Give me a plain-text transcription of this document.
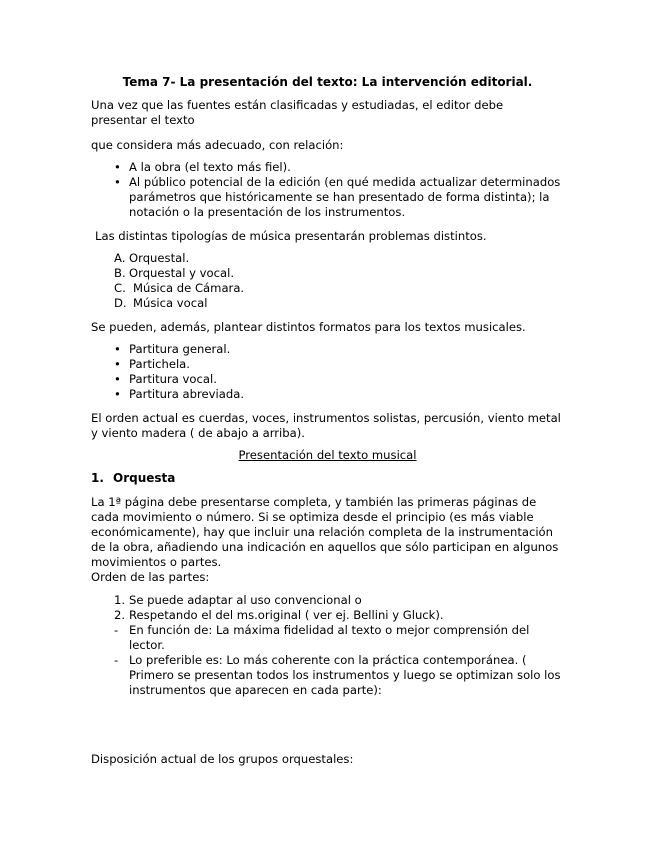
Tema 7- La presentación del texto: La intervención editorial.

Una vez que las fuentes están clasificadas y estudiadas, el editor debe presentar el texto

que considera más adecuado, con relación:

• A la obra (el texto más fiel).
• Al público potencial de la edición (en qué medida actualizar determinados parámetros que históricamente se han presentado de forma distinta); la notación o la presentación de los instrumentos.

Las distintas tipologías de música presentarán problemas distintos.

A. Orquestal.
B. Orquestal y vocal.
C. Música de Cámara.
D. Música vocal

Se pueden, además, plantear distintos formatos para los textos musicales.

• Partitura general.
• Partichela.
• Partitura vocal.
• Partitura abreviada.

El orden actual es cuerdas, voces, instrumentos solistas, percusión, viento metal y viento madera ( de abajo a arriba).

Presentación del texto musical
1. Orquesta

La 1ª página debe presentarse completa, y también las primeras páginas de cada movimiento o número. Si se optimiza desde el principio (es más viable económicamente), hay que incluir una relación completa de la instrumentación de la obra, añadiendo una indicación en aquellos que sólo participan en algunos movimientos o partes.

Orden de las partes:

1. Se puede adaptar al uso convencional o
2. Respetando el del ms.original ( ver ej. Bellini y Gluck).
- En función de: La máxima fidelidad al texto o mejor comprensión del lector.
- Lo preferible es: Lo más coherente con la práctica contemporánea. ( Primero se presentan todos los instrumentos y luego se optimizan solo los instrumentos que aparecen en cada parte):

Disposición actual de los grupos orquestales:
